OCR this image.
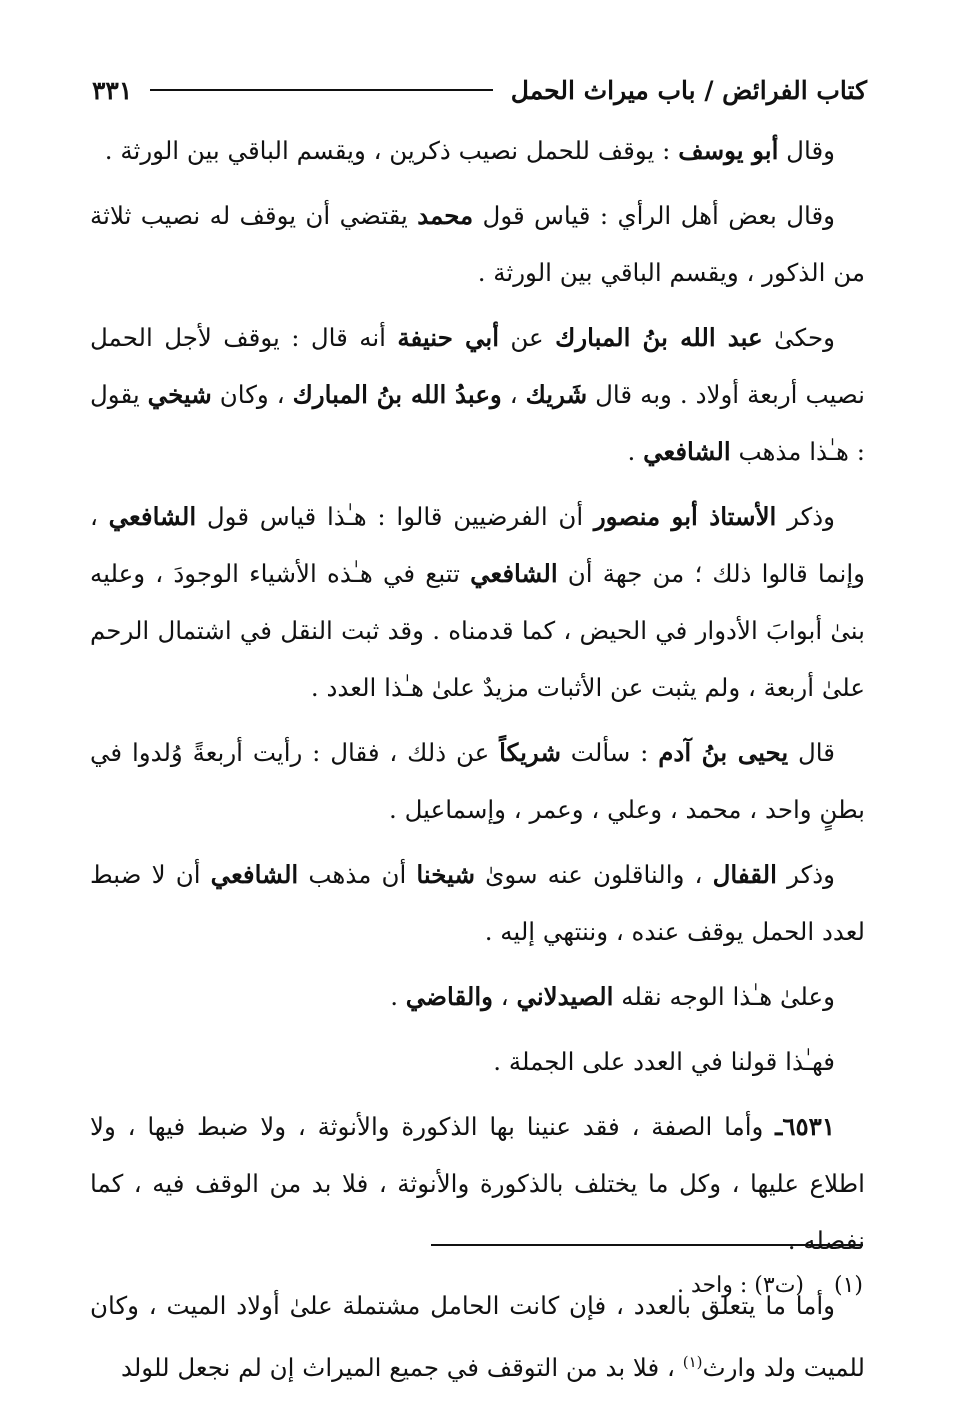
كتاب الفرائض / باب ميراث الحمل
٣٣١

وقال أبو يوسف : يوقف للحمل نصيب ذكرين ، ويقسم الباقي بين الورثة .

وقال بعض أهل الرأي : قياس قول محمد يقتضي أن يوقف له نصيب ثلاثة من الذكور ، ويقسم الباقي بين الورثة .

وحكىٰ عبد الله بنُ المبارك عن أبي حنيفة أنه قال : يوقف لأجل الحمل نصيب أربعة أولاد . وبه قال شَريك ، وعبدُ الله بنُ المبارك ، وكان شيخي يقول : هـٰذا مذهب الشافعي .

وذكر الأستاذ أبو منصور أن الفرضيين قالوا : هـٰذا قياس قول الشافعي ، وإنما قالوا ذلك ؛ من جهة أن الشافعي تتبع في هـٰذه الأشياء الوجودَ ، وعليه بنىٰ أبوابَ الأدوار في الحيض ، كما قدمناه . وقد ثبت النقل في اشتمال الرحم علىٰ أربعة ، ولم يثبت عن الأثبات مزيدٌ علىٰ هـٰذا العدد .

قال يحيى بنُ آدم : سألت شريكاً عن ذلك ، فقال : رأيت أربعةً وُلدوا في بطنٍ واحد ، محمد ، وعلي ، وعمر ، وإسماعيل .

وذكر القفال ، والناقلون عنه سوىٰ شيخنا أن مذهب الشافعي أن لا ضبط لعدد الحمل يوقف عنده ، وننتهي إليه .

وعلىٰ هـٰذا الوجه نقله الصيدلاني ، والقاضي .

فهـٰذا قولنا في العدد على الجملة .

٦٥٣١ـ وأما الصفة ، فقد عنينا بها الذكورة والأنوثة ، ولا ضبط فيها ، ولا اطلاع عليها ، وكل ما يختلف بالذكورة والأنوثة ، فلا بد من الوقف فيه ، كما نفصله .

وأما ما يتعلق بالعدد ، فإن كانت الحامل مشتملة علىٰ أولاد الميت ، وكان للميت ولد وارث$^{(١)}$ ، فلا بد من التوقف في جميع الميراث إن لم نجعل للولد

(١)  (ت٣) : واحد .
